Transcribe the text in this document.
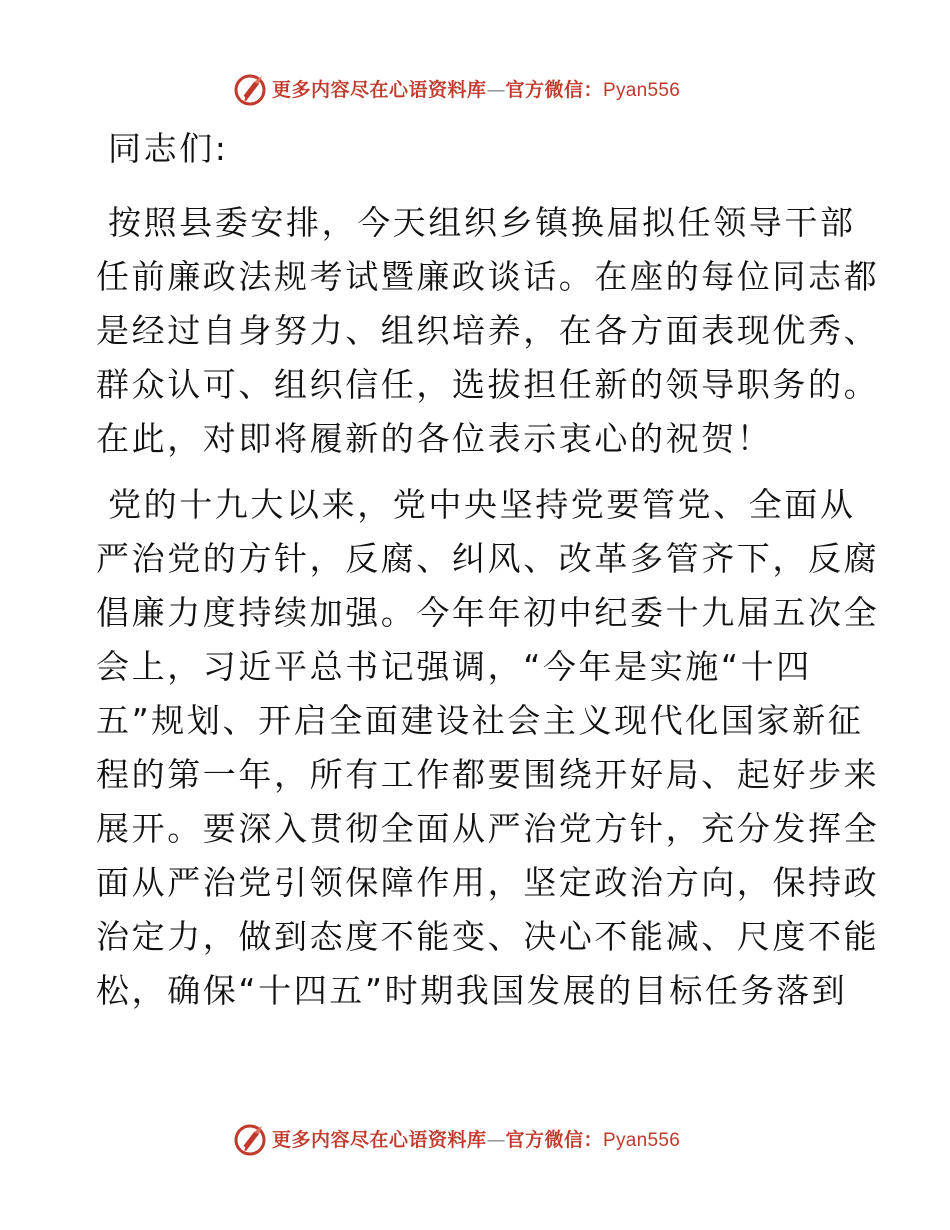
更多内容尽在心语资料库—官方微信：Pyan556

同志们:

按照县委安排，今天组织乡镇换届拟任领导干部
任前廉政法规考试暨廉政谈话。在座的每位同志都
是经过自身努力、组织培养，在各方面表现优秀、
群众认可、组织信任，选拔担任新的领导职务的。
在此，对即将履新的各位表示衷心的祝贺！

党的十九大以来，党中央坚持党要管党、全面从
严治党的方针，反腐、纠风、改革多管齐下，反腐
倡廉力度持续加强。今年年初中纪委十九届五次全
会上，习近平总书记强调，“今年是实施“十四
五”规划、开启全面建设社会主义现代化国家新征
程的第一年，所有工作都要围绕开好局、起好步来
展开。要深入贯彻全面从严治党方针，充分发挥全
面从严治党引领保障作用，坚定政治方向，保持政
治定力，做到态度不能变、决心不能减、尺度不能
松，确保“十四五”时期我国发展的目标任务落到

更多内容尽在心语资料库—官方微信：Pyan556
